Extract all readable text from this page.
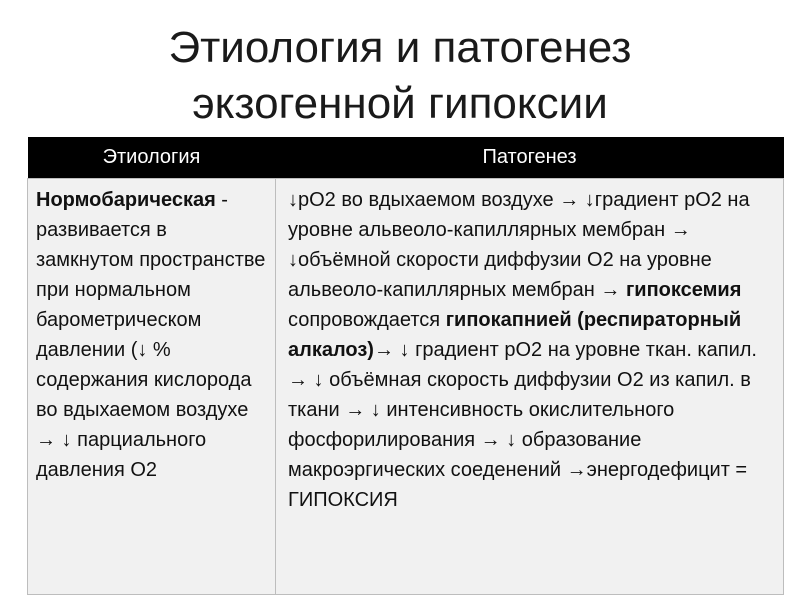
Этиология и патогенез
экзогенной гипоксии
Этиология	Патогенез
Нормобарическая - развивается в замкнутом пространстве при нормальном барометрическом давлении (↓ % содержания кислорода во вдыхаемом воздухе → ↓ парциального давления О2	↓рО2 во вдыхаемом воздухе → ↓градиент рО2 на уровне альвеоло-капиллярных мембран → ↓объёмной скорости диффузии О2 на уровне альвеоло-капиллярных мембран → гипоксемия сопровождается гипокапнией (респираторный алкалоз)→ ↓ градиент рО2 на уровне ткан. капил. → ↓ объёмная скорость диффузии О2 из капил. в ткани → ↓ интенсивность окислительного фосфорилирования → ↓ образование макроэргических соеденений →энергодефицит = ГИПОКСИЯ
